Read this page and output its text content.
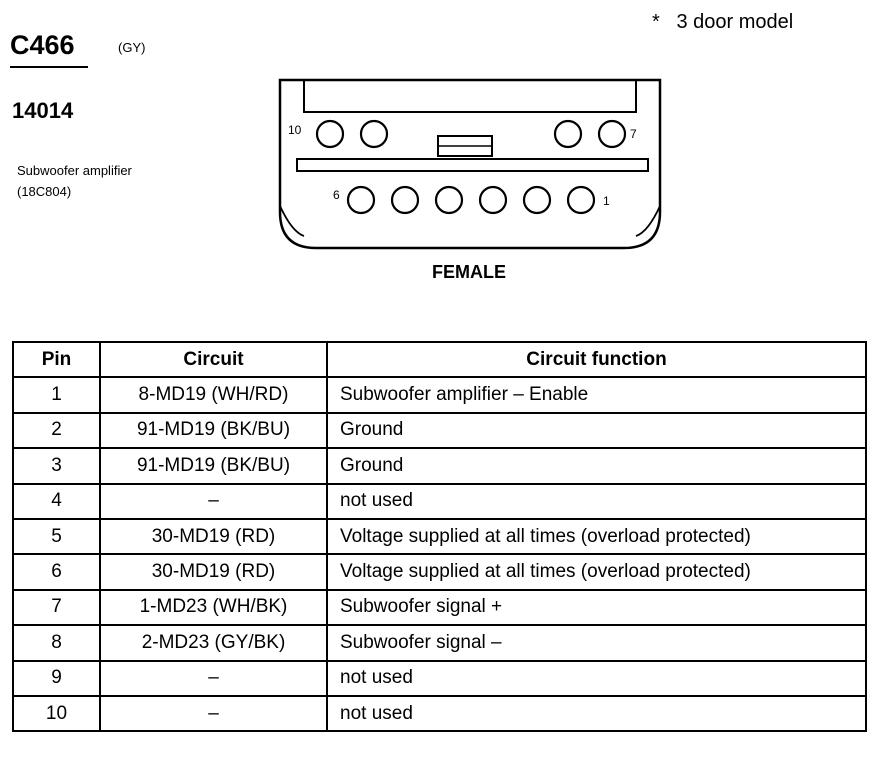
C466	(GY)
*   3 door model
14014
Subwoofer amplifier
(18C804)
10	7
6	1
FEMALE
Pin	Circuit	Circuit function
1	8-MD19 (WH/RD)	Subwoofer amplifier – Enable
2	91-MD19 (BK/BU)	Ground
3	91-MD19 (BK/BU)	Ground
4	–	not used
5	30-MD19 (RD)	Voltage supplied at all times (overload protected)
6	30-MD19 (RD)	Voltage supplied at all times (overload protected)
7	1-MD23 (WH/BK)	Subwoofer signal +
8	2-MD23 (GY/BK)	Subwoofer signal –
9	–	not used
10	–	not used
